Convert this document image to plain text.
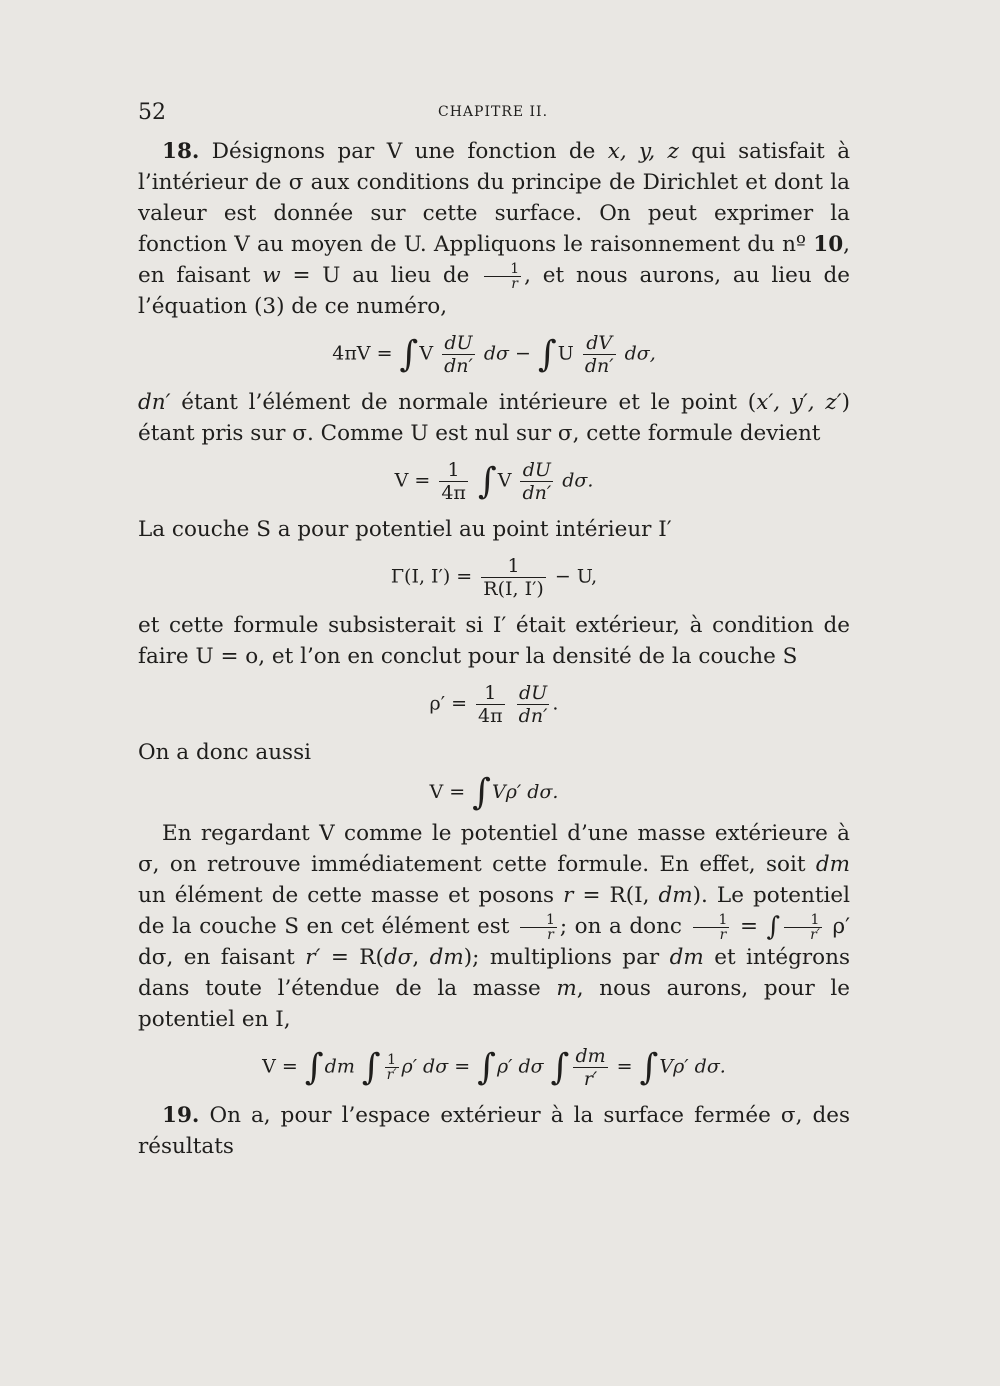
52	CHAPITRE II.

18. Désignons par V une fonction de x, y, z qui satisfait à l’intérieur de σ aux conditions du principe de Dirichlet et dont la valeur est donnée sur cette surface. On peut exprimer la fonction V au moyen de U. Appliquons le raisonnement du nº 10, en faisant w = U au lieu de $\frac{1}{r}$ , et nous aurons, au lieu de l’équation (3) de ce numéro,

$4\pi V = \int V \frac{dU}{dn'}$ $d\sigma - \int U \frac{dV}{dn'} d\sigma$,

dn′ étant l’élément de normale intérieure et le point (x′, y′, z′) étant pris sur σ. Comme U est nul sur σ, cette formule devient

$V = \frac{1}{4\pi} \int V \frac{dU}{dn'} d\sigma$.

La couche S a pour potentiel au point intérieur I′

Γ(I, $I') = \frac{1}{R(I, I')} - U$,

et cette formule subsisterait si I′ était extérieur, à condition de faire U = o, et l’on en conclut pour la densité de la couche S

$\rho' = \frac{1}{4\pi}$
$\frac{dU}{dn'}$ .

On a donc aussi

V = ∫Vρ′ dσ.

En regardant V comme le potentiel d’une masse extérieure à σ, on retrouve immédiatement cette formule. En effet, soit dm un élément de cette masse et posons r = R(I, dm). Le potentiel de la couche S en cet élément est $\frac{1}{r}$ ; on a donc $\frac{1}{r}$ = ∫ $\frac{1}{r'} \rho'$ dσ, en faisant r′ = R(dσ, dm); multiplions par dm et intégrons dans toute l’étendue de la masse m, nous aurons, pour le potentiel en I,

V = ∫dm ∫ $\frac{1}{r'} \rho'$ dσ = ∫ρ′ dσ ∫ $\frac{dm}{r'} = \int V\rho'$ dσ.

19. On a, pour l’espace extérieur à la surface fermée σ, des résultats
